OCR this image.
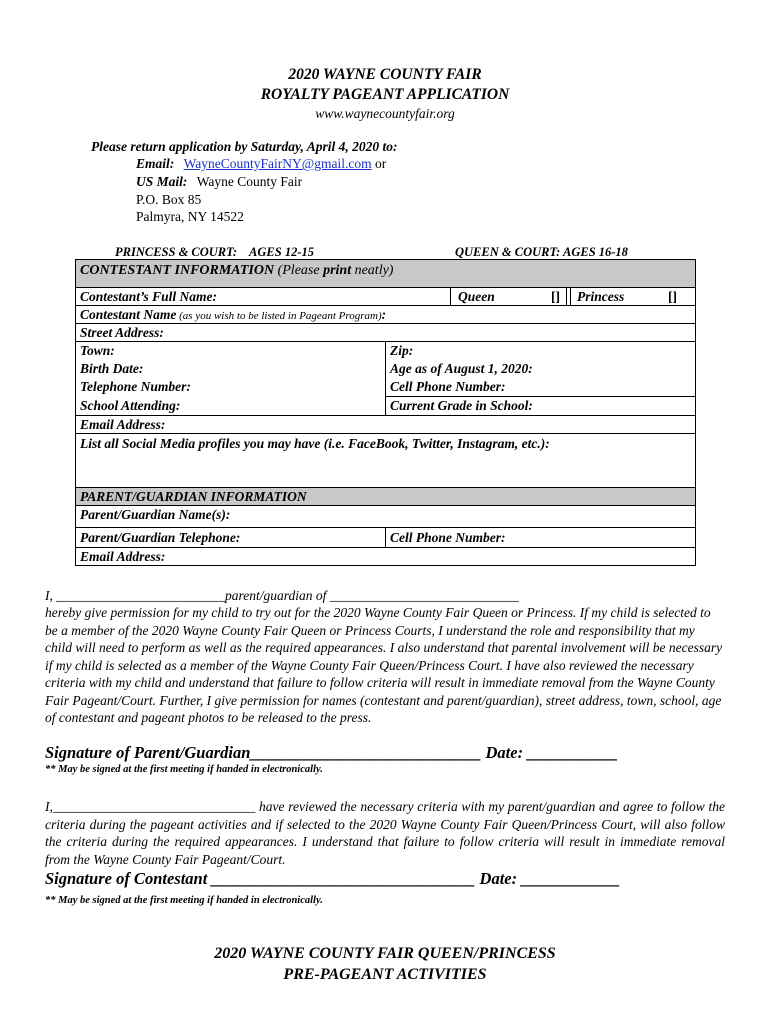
2020 WAYNE COUNTY FAIR
ROYALTY PAGEANT APPLICATION
www.waynecountyfair.org
Please return application by Saturday, April 4, 2020 to:
Email: WayneCountyFairNY@gmail.com or
US Mail: Wayne County Fair
P.O. Box 85
Palmyra, NY 14522
PRINCESS & COURT:    AGES 12-15	QUEEN & COURT: AGES 16-18
CONTESTANT INFORMATION (Please print neatly)
Contestant’s Full Name:	Queen	[] Princess	[]
Contestant Name (as you wish to be listed in Pageant Program):
Street Address:
Town:	Zip:
Birth Date:	Age as of August 1, 2020:
Telephone Number:	Cell Phone Number:
School Attending:	Current Grade in School:
Email Address:
List all Social Media profiles you may have (i.e. FaceBook, Twitter, Instagram, etc.):
PARENT/GUARDIAN INFORMATION
Parent/Guardian Name(s):
Parent/Guardian Telephone:	Cell Phone Number:
Email Address:
I, _________________________parent/guardian of ____________________________
hereby give permission for my child to try out for the 2020 Wayne County Fair Queen or Princess. If my child is selected to be a member of the 2020 Wayne County Fair Queen or Princess Courts, I understand the role and responsibility that my child will need to perform as well as the required appearances. I also understand that parental involvement will be necessary if my child is selected as a member of the Wayne County Fair Queen/Princess Court. I have also reviewed the necessary criteria with my child and understand that failure to follow criteria will result in immediate removal from the Wayne County Fair Pageant/Court. Further, I give permission for names (contestant and parent/guardian), street address, town, school, age of contestant and pageant photos to be released to the press.
Signature of Parent/Guardian____________________________ Date: ___________
** May be signed at the first meeting if handed in electronically.
I,______________________________ have reviewed the necessary criteria with my parent/guardian and agree to follow the criteria during the pageant activities and if selected to the 2020 Wayne County Fair Queen/Princess Court, will also follow the criteria during the required appearances. I understand that failure to follow criteria will result in immediate removal from the Wayne County Fair Pageant/Court.
Signature of Contestant ________________________________ Date: ____________
** May be signed at the first meeting if handed in electronically.
2020 WAYNE COUNTY FAIR QUEEN/PRINCESS
PRE-PAGEANT ACTIVITIES
